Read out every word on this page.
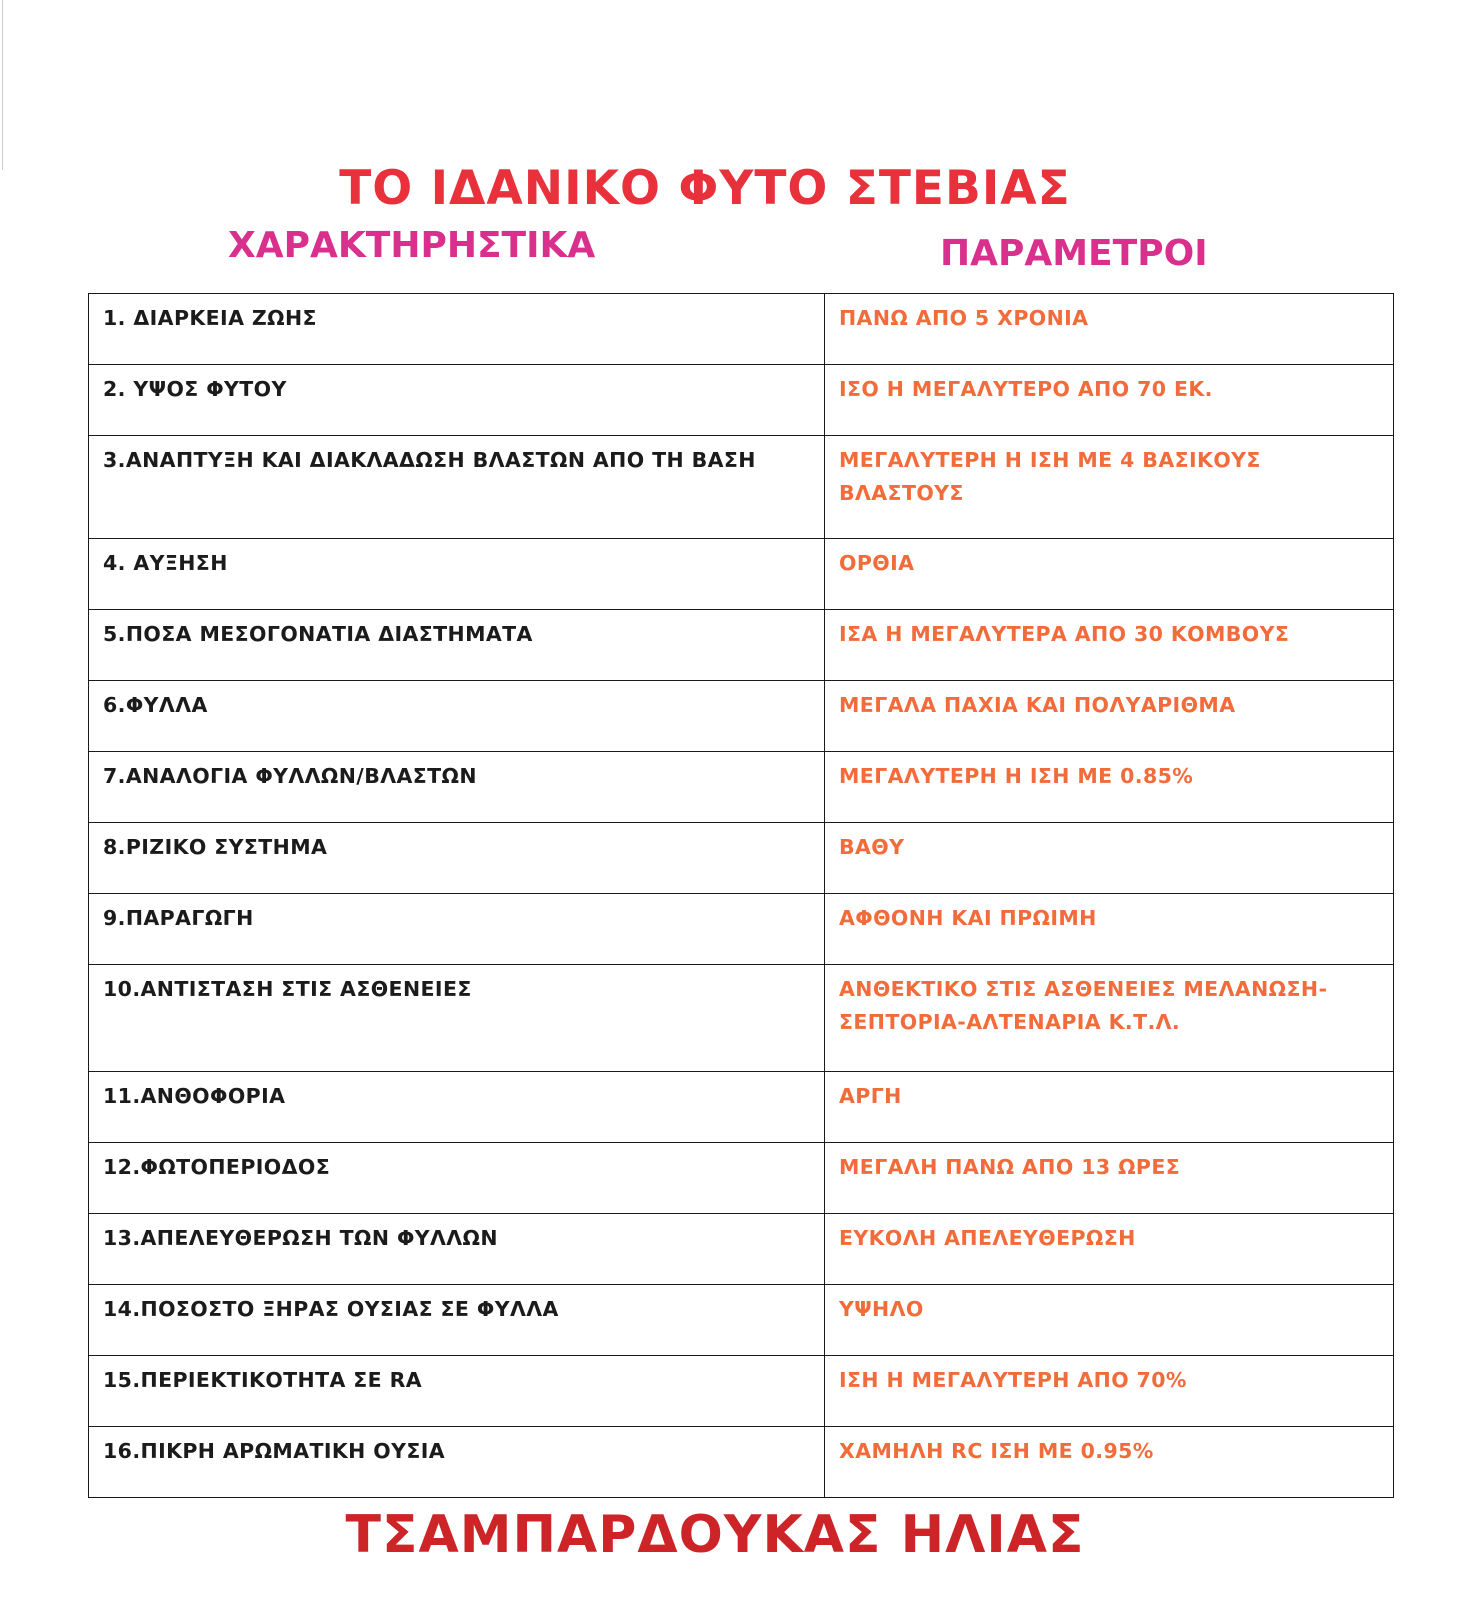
ΤΟ ΙΔΑΝΙΚΟ ΦΥΤΟ ΣΤΕΒΙΑΣ
ΧΑΡΑΚΤΗΡΗΣΤΙΚΑ	ΠΑΡΑΜΕΤΡΟΙ
1. ΔΙΑΡΚΕΙΑ ΖΩΗΣ	ΠΑΝΩ ΑΠΟ 5 ΧΡΟΝΙΑ
2. ΥΨΟΣ ΦΥΤΟΥ	ΙΣΟ Η ΜΕΓΑΛΥΤΕΡΟ ΑΠΟ 70 ΕΚ.
3.ΑΝΑΠΤΥΞΗ ΚΑΙ ΔΙΑΚΛΑΔΩΣΗ ΒΛΑΣΤΩΝ ΑΠΟ ΤΗ ΒΑΣΗ	ΜΕΓΑΛΥΤΕΡΗ Η ΙΣΗ ΜΕ 4 ΒΑΣΙΚΟΥΣ ΒΛΑΣΤΟΥΣ
4. ΑΥΞΗΣΗ	ΟΡΘΙΑ
5.ΠΟΣΑ ΜΕΣΟΓΟΝΑΤΙΑ ΔΙΑΣΤΗΜΑΤΑ	ΙΣΑ Η ΜΕΓΑΛΥΤΕΡΑ ΑΠΟ 30 ΚΟΜΒΟΥΣ
6.ΦΥΛΛΑ	ΜΕΓΑΛΑ ΠΑΧΙΑ ΚΑΙ ΠΟΛΥΑΡΙΘΜΑ
7.ΑΝΑΛΟΓΙΑ ΦΥΛΛΩΝ/ΒΛΑΣΤΩΝ	ΜΕΓΑΛΥΤΕΡΗ Η ΙΣΗ ΜΕ 0.85%
8.ΡΙΖΙΚΟ ΣΥΣΤΗΜΑ	ΒΑΘΥ
9.ΠΑΡΑΓΩΓΗ	ΑΦΘΟΝΗ ΚΑΙ ΠΡΩΙΜΗ
10.ΑΝΤΙΣΤΑΣΗ ΣΤΙΣ ΑΣΘΕΝΕΙΕΣ	ΑΝΘΕΚΤΙΚΟ ΣΤΙΣ ΑΣΘΕΝΕΙΕΣ ΜΕΛΑΝΩΣΗ-ΣΕΠΤΟΡΙΑ-ΑΛΤΕΝΑΡΙΑ Κ.Τ.Λ.
11.ΑΝΘΟΦΟΡΙΑ	ΑΡΓΗ
12.ΦΩΤΟΠΕΡΙΟΔΟΣ	ΜΕΓΑΛΗ ΠΑΝΩ ΑΠΟ 13 ΩΡΕΣ
13.ΑΠΕΛΕΥΘΕΡΩΣΗ ΤΩΝ ΦΥΛΛΩΝ	ΕΥΚΟΛΗ ΑΠΕΛΕΥΘΕΡΩΣΗ
14.ΠΟΣΟΣΤΟ ΞΗΡΑΣ ΟΥΣΙΑΣ ΣΕ ΦΥΛΛΑ	ΥΨΗΛΟ
15.ΠΕΡΙΕΚΤΙΚΟΤΗΤΑ ΣΕ RA	ΙΣΗ Η ΜΕΓΑΛΥΤΕΡΗ ΑΠΟ 70%
16.ΠΙΚΡΗ ΑΡΩΜΑΤΙΚΗ ΟΥΣΙΑ	ΧΑΜΗΛΗ RC ΙΣΗ ΜΕ 0.95%
ΤΣΑΜΠΑΡΔΟΥΚΑΣ ΗΛΙΑΣ
